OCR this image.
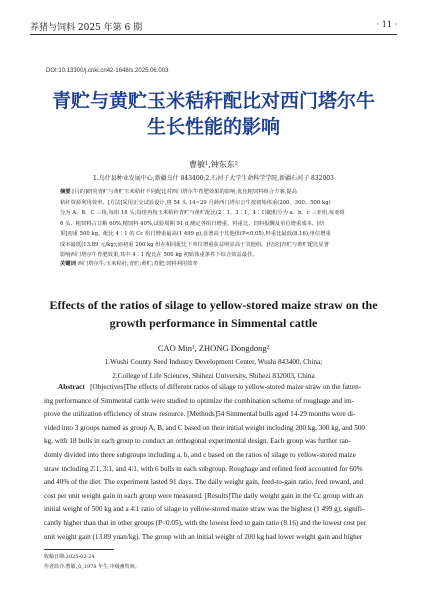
养猪与饲料 2025 年第 6 期	· 11 ·
DOI:10.13300/j.cnki.cn42-1648/s.2025.06.003
青贮与黄贮玉米秸秆配比对西门塔尔牛
生长性能的影响
曹敏¹,钟东东²
1.乌什县种业发展中心,新疆乌什 843400;2.石河子大学生命科学学院,新疆石河子 832003
摘要 [目的]研究青贮与黄贮玉米秸秆不同配比对西门塔尔牛育肥效果的影响,优化粗饲料组合方案,提高
秸秆资源利用效率。[方法]采用正交试验设计,将 54 头 14~29 月龄西门塔尔公牛按初始体重(200、300、500 kg)
分为 A、B、C 三组,每组 18 头;每组再按玉米秸秆青贮与黄贮配比(2∶1、3∶1、4∶1)随机分为 a、b、c 三亚组,每亚组
6 头。粗饲料占日粮 60%,精饲料 40%,试验周期 91 d,测定各组日增重、料重比、饲料报酬及单位增重成本。[结
果]初重 500 kg、配比 4∶1 的 Cc 组日增重最高(1 499 g),显著高于其他组(P<0.05),料重比最低(8.16),单位增重
成本最低(13.89 元/kg);而初重 200 kg 组在相同配比下单位增重获益明显高于其他组。[结论]青贮与黄贮配比显著
影响西门塔尔牛育肥效果,其中 4∶1 配比在 500 kg 初始体重条件下综合效益最佳。
关键词 西门塔尔牛;玉米秸秆;青贮;黄贮;育肥;饲料利用效率
Effects of the ratios of silage to yellow-stored maize straw on the
growth performance in Simmental cattle
CAO Min¹, ZHONG Dongdong²
1.Wushi County Seed Industry Development Center, Wushi 843400, China;
2.College of Life Sciences, Shihezi University, Shihezi 832003, China
Abstract [Objectives]The effects of different ratios of silage to yellow-stored maize straw on the fatten-
ing performance of Simmental cattle were studied to optimize the combination scheme of roughage and im-
prove the utilization efficiency of straw resource. [Methods]54 Simmental bulls aged 14-29 months were di-
vided into 3 groups named as group A, B, and C based on their initial weight including 200 kg, 300 kg, and 500
kg, with 18 bulls in each group to conduct an orthogonal experimental design. Each group was further ran-
domly divided into three subgroups including a, b, and c based on the ratios of silage to yellow-stored maize
straw including 2∶1, 3∶1, and 4∶1, with 6 bulls in each subgroup. Roughage and refined feed accounted for 60%
and 40% of the diet. The experiment lasted 91 days. The daily weight gain, feed-to-gain ratio, feed reward, and
cost per unit weight gain in each group were measured. [Results]The daily weight gain in the Cc group with an
initial weight of 500 kg and a 4∶1 ratio of silage to yellow-stored maize straw was the highest (1 499 g), signifi-
cantly higher than that in other groups (P<0.05), with the lowest feed to gain ratio (8.16) and the lowest cost per
unit weight gain (13.89 yuan/kg). The group with an initial weight of 200 kg had lower weight gain and higher
收稿日期:2025-02-24
作者简介:曹敏,女,1978 年生,中级畜牧师。
